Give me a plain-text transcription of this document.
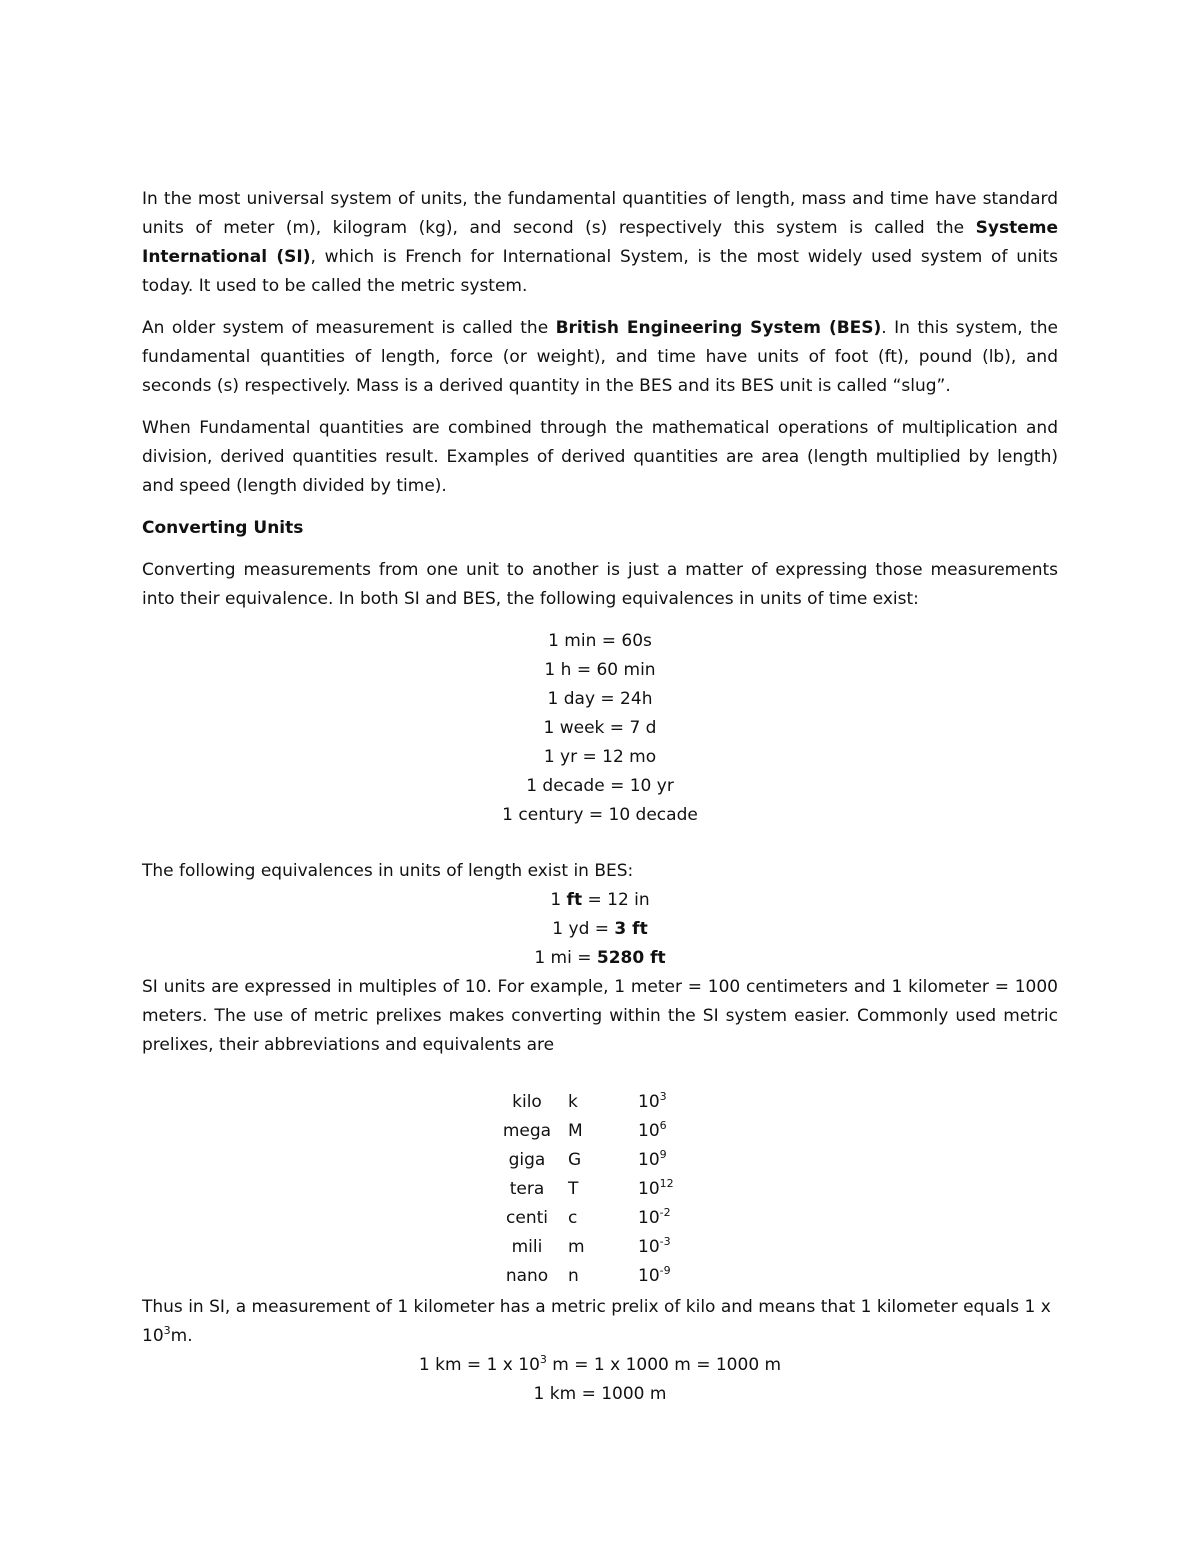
In the most universal system of units, the fundamental quantities of length, mass and time have standard units of meter (m), kilogram (kg), and second (s) respectively this system is called the Systeme International (SI), which is French for International System, is the most widely used system of units today. It used to be called the metric system.

An older system of measurement is called the British Engineering System (BES). In this system, the fundamental quantities of length, force (or weight), and time have units of foot (ft), pound (lb), and seconds (s) respectively. Mass is a derived quantity in the BES and its BES unit is called “slug”.

When Fundamental quantities are combined through the mathematical operations of multiplication and division, derived quantities result. Examples of derived quantities are area (length multiplied by length) and speed (length divided by time).

Converting Units

Converting measurements from one unit to another is just a matter of expressing those measurements into their equivalence. In both SI and BES, the following equivalences in units of time exist:

1 min = 60s

1 h = 60 min

1 day = 24h

1 week = 7 d

1 yr = 12 mo

1 decade = 10 yr

1 century = 10 decade

The following equivalences in units of length exist in BES:

1 ft = 12 in

1 yd = 3 ft

1 mi = 5280 ft

SI units are expressed in multiples of 10. For example, 1 meter = 100 centimeters and 1 kilometer = 1000 meters. The use of metric prelixes makes converting within the SI system easier. Commonly used metric prelixes, their abbreviations and equivalents are

kilo	k	$10^3$
mega	M	$10^6$
giga	G	$10^9$
tera	T	$10^{12}$
centi	c	$10^{-2}$
mili	m	$10^{-3}$
nano	n	$10^{-9}$

Thus in SI, a measurement of 1 kilometer has a metric prelix of kilo and means that 1 kilometer equals 1 x $10^3m$.

1 km = 1 x $10^3$ m = 1 x 1000 m = 1000 m

1 km = 1000 m
